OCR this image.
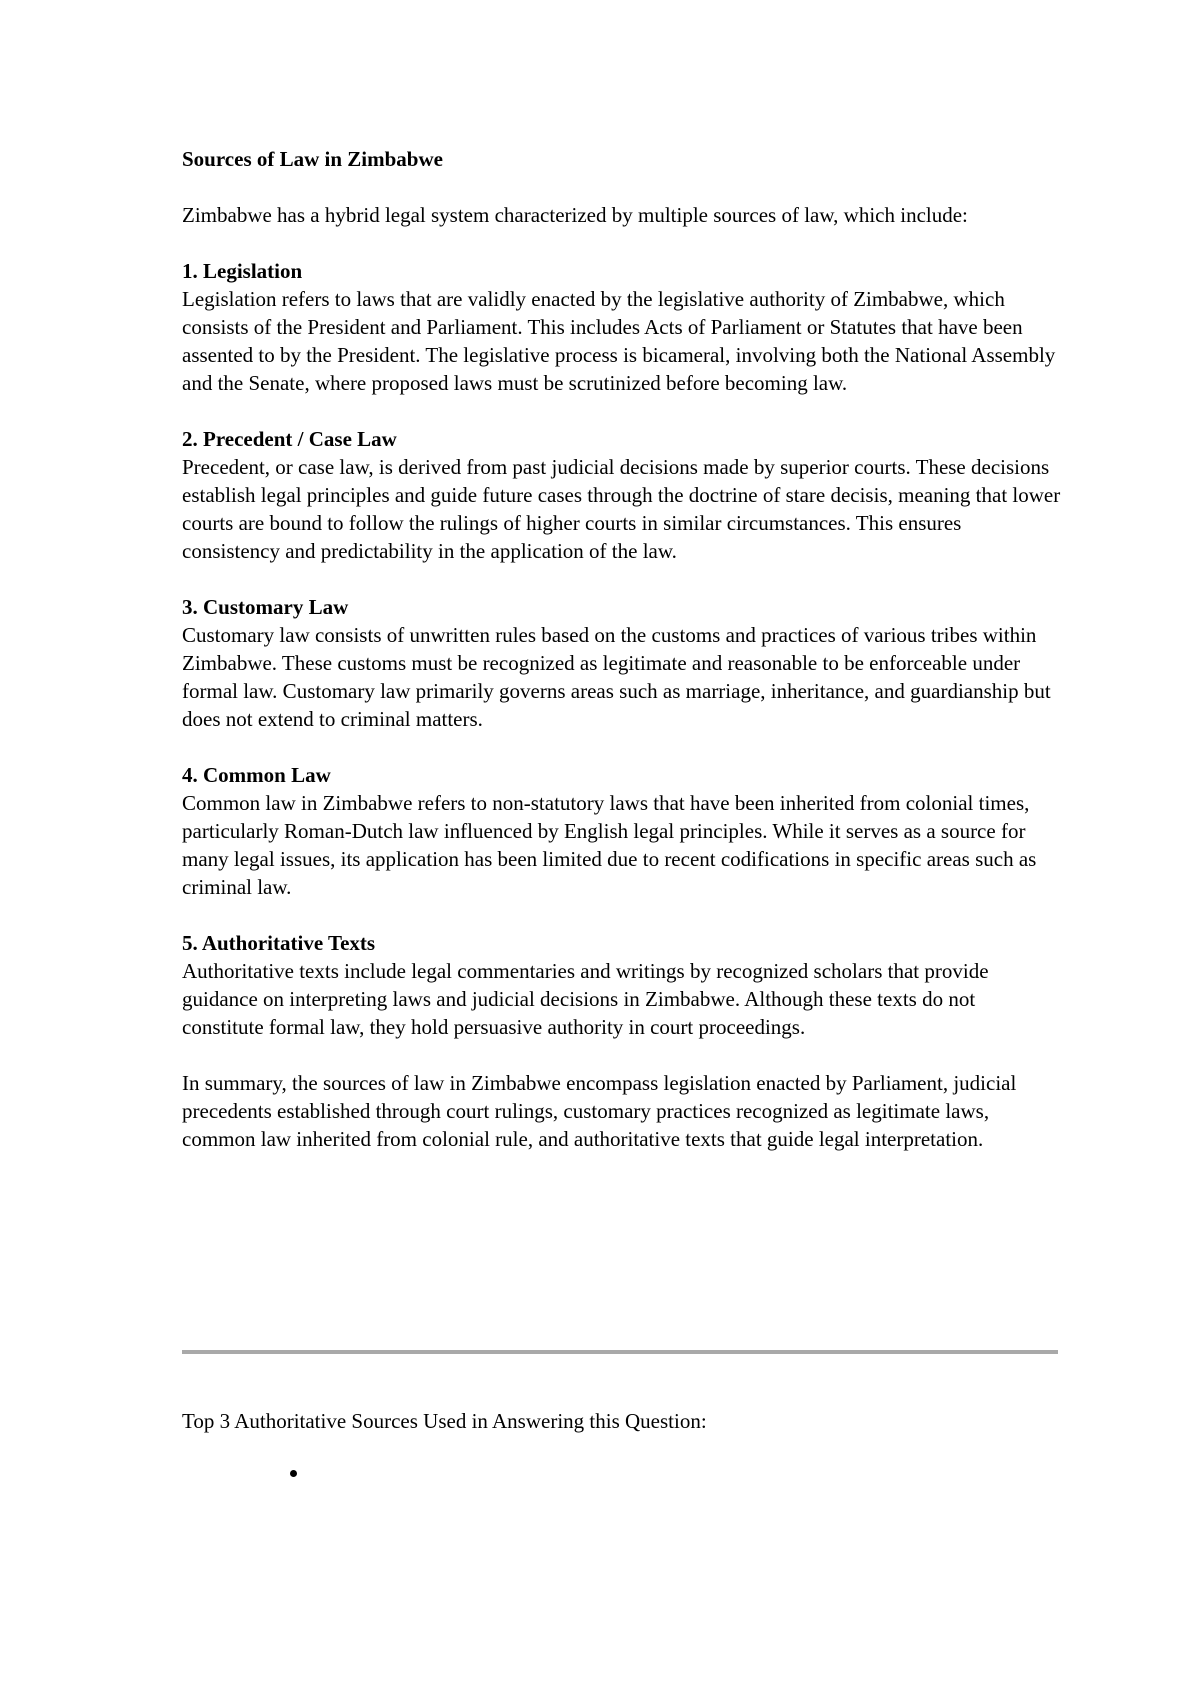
Sources of Law in Zimbabwe

Zimbabwe has a hybrid legal system characterized by multiple sources of law, which include:

1. Legislation

Legislation refers to laws that are validly enacted by the legislative authority of Zimbabwe, which consists of the President and Parliament. This includes Acts of Parliament or Statutes that have been assented to by the President. The legislative process is bicameral, involving both the National Assembly and the Senate, where proposed laws must be scrutinized before becoming law.

2. Precedent / Case Law

Precedent, or case law, is derived from past judicial decisions made by superior courts. These decisions establish legal principles and guide future cases through the doctrine of stare decisis, meaning that lower courts are bound to follow the rulings of higher courts in similar circumstances. This ensures consistency and predictability in the application of the law.

3. Customary Law

Customary law consists of unwritten rules based on the customs and practices of various tribes within Zimbabwe. These customs must be recognized as legitimate and reasonable to be enforceable under formal law. Customary law primarily governs areas such as marriage, inheritance, and guardianship but does not extend to criminal matters.

4. Common Law

Common law in Zimbabwe refers to non-statutory laws that have been inherited from colonial times, particularly Roman-Dutch law influenced by English legal principles. While it serves as a source for many legal issues, its application has been limited due to recent codifications in specific areas such as criminal law.

5. Authoritative Texts

Authoritative texts include legal commentaries and writings by recognized scholars that provide guidance on interpreting laws and judicial decisions in Zimbabwe. Although these texts do not constitute formal law, they hold persuasive authority in court proceedings.

In summary, the sources of law in Zimbabwe encompass legislation enacted by Parliament, judicial precedents established through court rulings, customary practices recognized as legitimate laws, common law inherited from colonial rule, and authoritative texts that guide legal interpretation.

Top 3 Authoritative Sources Used in Answering this Question:
